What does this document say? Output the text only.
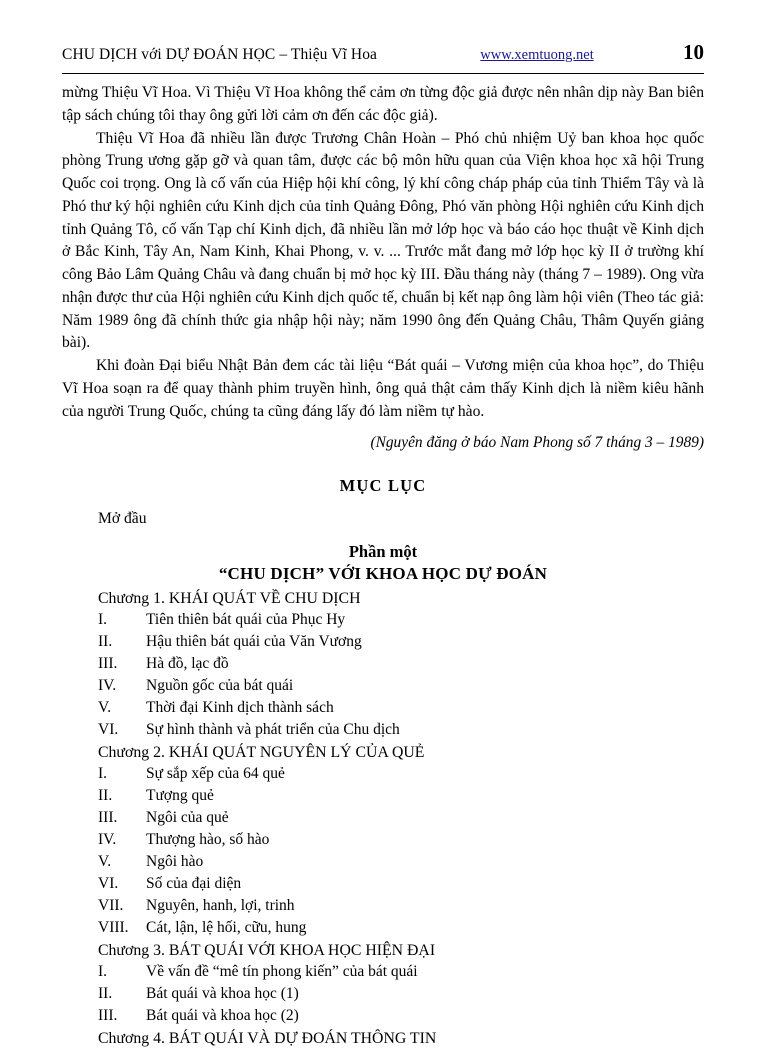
CHU DỊCH với DỰ ĐOÁN HỌC – Thiệu Vĩ Hoa	www.xemtuong.net	10

mừng Thiệu Vĩ Hoa. Vì Thiệu Vĩ Hoa không thể cảm ơn từng độc giả được nên nhân dịp này Ban biên tập sách chúng tôi thay ông gửi lời cảm ơn đến các độc giả).

Thiệu Vĩ Hoa đã nhiều lần được Trương Chân Hoàn – Phó chủ nhiệm Uỷ ban khoa học quốc phòng Trung ương gặp gỡ và quan tâm, được các bộ môn hữu quan của Viện khoa học xã hội Trung Quốc coi trọng. Ong là cố vấn của Hiệp hội khí công, lý khí công cháp pháp của tỉnh Thiểm Tây và là Phó thư ký hội nghiên cứu Kinh dịch của tỉnh Quảng Đông, Phó văn phòng Hội nghiên cứu Kinh dịch tỉnh Quảng Tô, cố vấn Tạp chí Kinh dịch, đã nhiều lần mở lớp học và báo cáo học thuật về Kinh dịch ở Bắc Kinh, Tây An, Nam Kinh, Khai Phong, v. v. ... Trước mắt đang mở lớp học kỳ II ở trường khí công Bảo Lâm Quảng Châu và đang chuẩn bị mở học kỳ III. Đầu tháng này (tháng 7 – 1989). Ong vừa nhận được thư của Hội nghiên cứu Kinh dịch quốc tế, chuẩn bị kết nạp ông làm hội viên (Theo tác giả: Năm 1989 ông đã chính thức gia nhập hội này; năm 1990 ông đến Quảng Châu, Thâm Quyến giảng bài).

Khi đoàn Đại biểu Nhật Bản đem các tài liệu “Bát quái – Vương miện của khoa học”, do Thiệu Vĩ Hoa soạn ra để quay thành phim truyền hình, ông quả thật cảm thấy Kinh dịch là niềm kiêu hãnh của người Trung Quốc, chúng ta cũng đáng lấy đó làm niềm tự hào.

(Nguyên đăng ở báo Nam Phong số 7 tháng 3 – 1989)
MỤC LỤC
Mở đầu
Phần một
“CHU DỊCH” VỚI KHOA HỌC DỰ ĐOÁN
Chương 1. KHÁI QUÁT VỀ CHU DỊCH
I.	Tiên thiên bát quái của Phục Hy
II.	Hậu thiên bát quái của Văn Vương
III.	Hà đồ, lạc đồ
IV.	Nguồn gốc của bát quái
V.	Thời đại Kinh dịch thành sách
VI.	Sự hình thành và phát triển của Chu dịch
Chương 2. KHÁI QUÁT NGUYÊN LÝ CỦA QUẺ
I.	Sự sắp xếp của 64 quẻ
II.	Tượng quẻ
III.	Ngôi của quẻ
IV.	Thượng hào, số hào
V.	Ngôi hào
VI.	Số của đại diện
VII.	Nguyên, hanh, lợi, trinh
VIII.	Cát, lận, lệ hối, cữu, hung
Chương 3. BÁT QUÁI VỚI KHOA HỌC HIỆN ĐẠI
I.	Về vấn đề “mê tín phong kiến” của bát quái
II.	Bát quái và khoa học (1)
III.	Bát quái và khoa học (2)
Chương 4. BÁT QUÁI VÀ DỰ ĐOÁN THÔNG TIN
